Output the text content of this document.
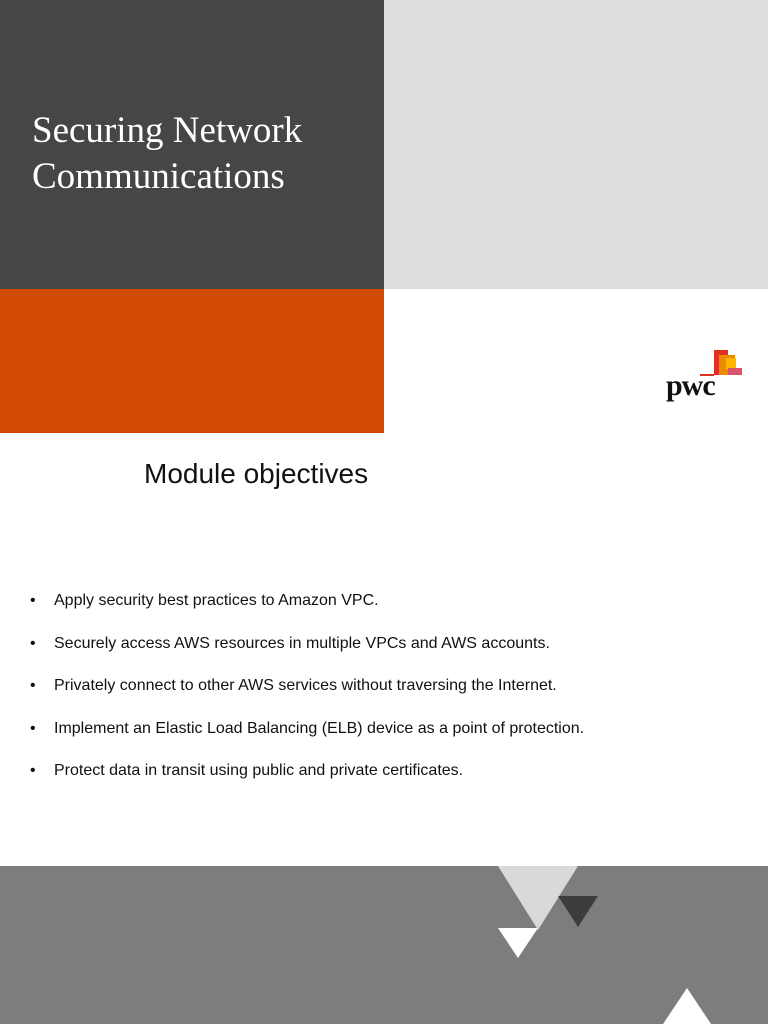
Securing Network Communications
pwc
Module objectives
• Apply security best practices to Amazon VPC.
• Securely access AWS resources in multiple VPCs and AWS accounts.
• Privately connect to other AWS services without traversing the Internet.
• Implement an Elastic Load Balancing (ELB) device as a point of protection.
• Protect data in transit using public and private certificates.
